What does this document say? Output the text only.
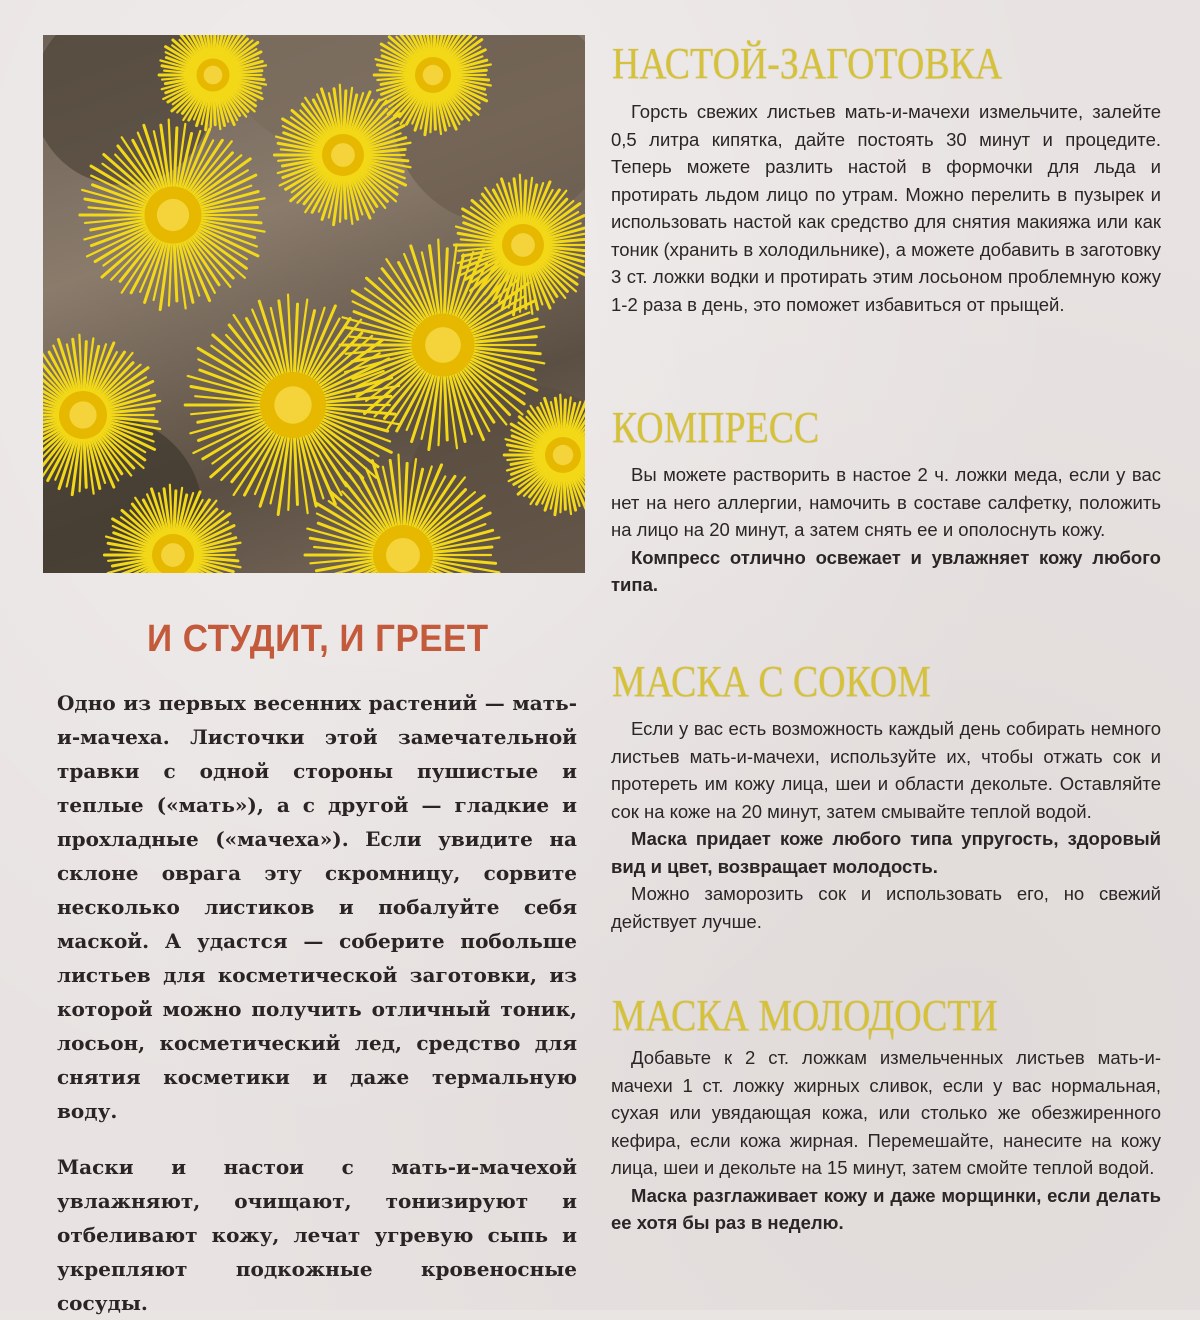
И СТУДИТ, И ГРЕЕТ
Одно из первых весенних растений — мать-и-мачеха. Листочки этой замечательной травки с одной стороны пушистые и теплые («мать»), а с другой — гладкие и прохладные («мачеха»). Если увидите на склоне оврага эту скромницу, сорвите несколько листиков и побалуйте себя маской. А удастся — соберите побольше листьев для косметической заготовки, из которой можно получить отличный тоник, лосьон, косметический лед, средство для снятия косметики и даже термальную воду.
Маски и настои с мать-и-мачехой увлажняют, очищают, тонизируют и отбеливают кожу, лечат угревую сыпь и укрепляют подкожные кровеносные сосуды.
НАСТОЙ-ЗАГОТОВКА

Горсть свежих листьев мать-и-мачехи измельчите, залейте 0,5 литра кипятка, дайте постоять 30 минут и процедите. Теперь можете разлить настой в формочки для льда и протирать льдом лицо по утрам. Можно перелить в пузырек и использовать настой как средство для снятия макияжа или как тоник (хранить в холодильнике), а можете добавить в заготовку 3 ст. ложки водки и протирать этим лосьоном проблемную кожу 1-2 раза в день, это поможет избавиться от прыщей.

КОМПРЕСС

Вы можете растворить в настое 2 ч. ложки меда, если у вас нет на него аллергии, намочить в составе салфетку, положить на лицо на 20 минут, а затем снять ее и ополоснуть кожу.

Компресс отлично освежает и увлажняет кожу любого типа.

МАСКА С СОКОМ

Если у вас есть возможность каждый день собирать немного листьев мать-и-мачехи, используйте их, чтобы отжать сок и протереть им кожу лица, шеи и области декольте. Оставляйте сок на коже на 20 минут, затем смывайте теплой водой.

Маска придает коже любого типа упругость, здоровый вид и цвет, возвращает молодость.

Можно заморозить сок и использовать его, но свежий действует лучше.

МАСКА МОЛОДОСТИ

Добавьте к 2 ст. ложкам измельченных листьев мать-и-мачехи 1 ст. ложку жирных сливок, если у вас нормальная, сухая или увядающая кожа, или столько же обезжиренного кефира, если кожа жирная. Перемешайте, нанесите на кожу лица, шеи и декольте на 15 минут, затем смойте теплой водой.

Маска разглаживает кожу и даже морщинки, если делать ее хотя бы раз в неделю.
